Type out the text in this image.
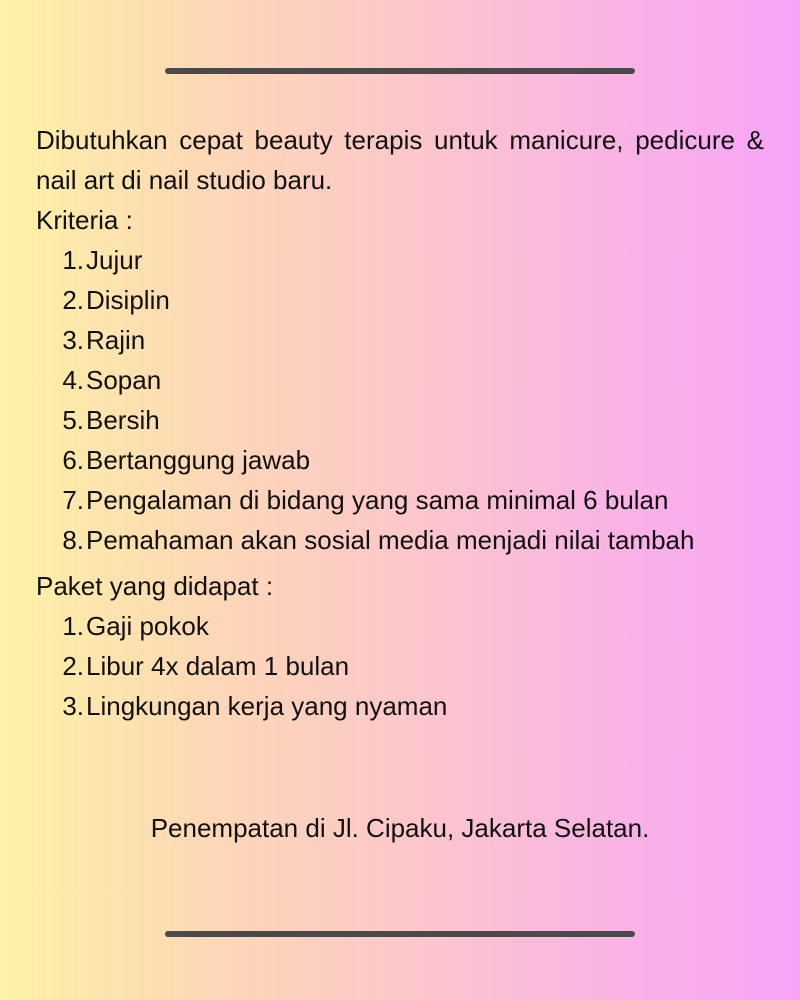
Dibutuhkan cepat beauty terapis untuk manicure, pedicure & nail art di nail studio baru.

Kriteria :

1. Jujur
2. Disiplin
3. Rajin
4. Sopan
5. Bersih
6. Bertanggung jawab
7. Pengalaman di bidang yang sama minimal 6 bulan
8. Pemahaman akan sosial media menjadi nilai tambah

Paket yang didapat :

1. Gaji pokok
2. Libur 4x dalam 1 bulan
3. Lingkungan kerja yang nyaman

Penempatan di Jl. Cipaku, Jakarta Selatan.
